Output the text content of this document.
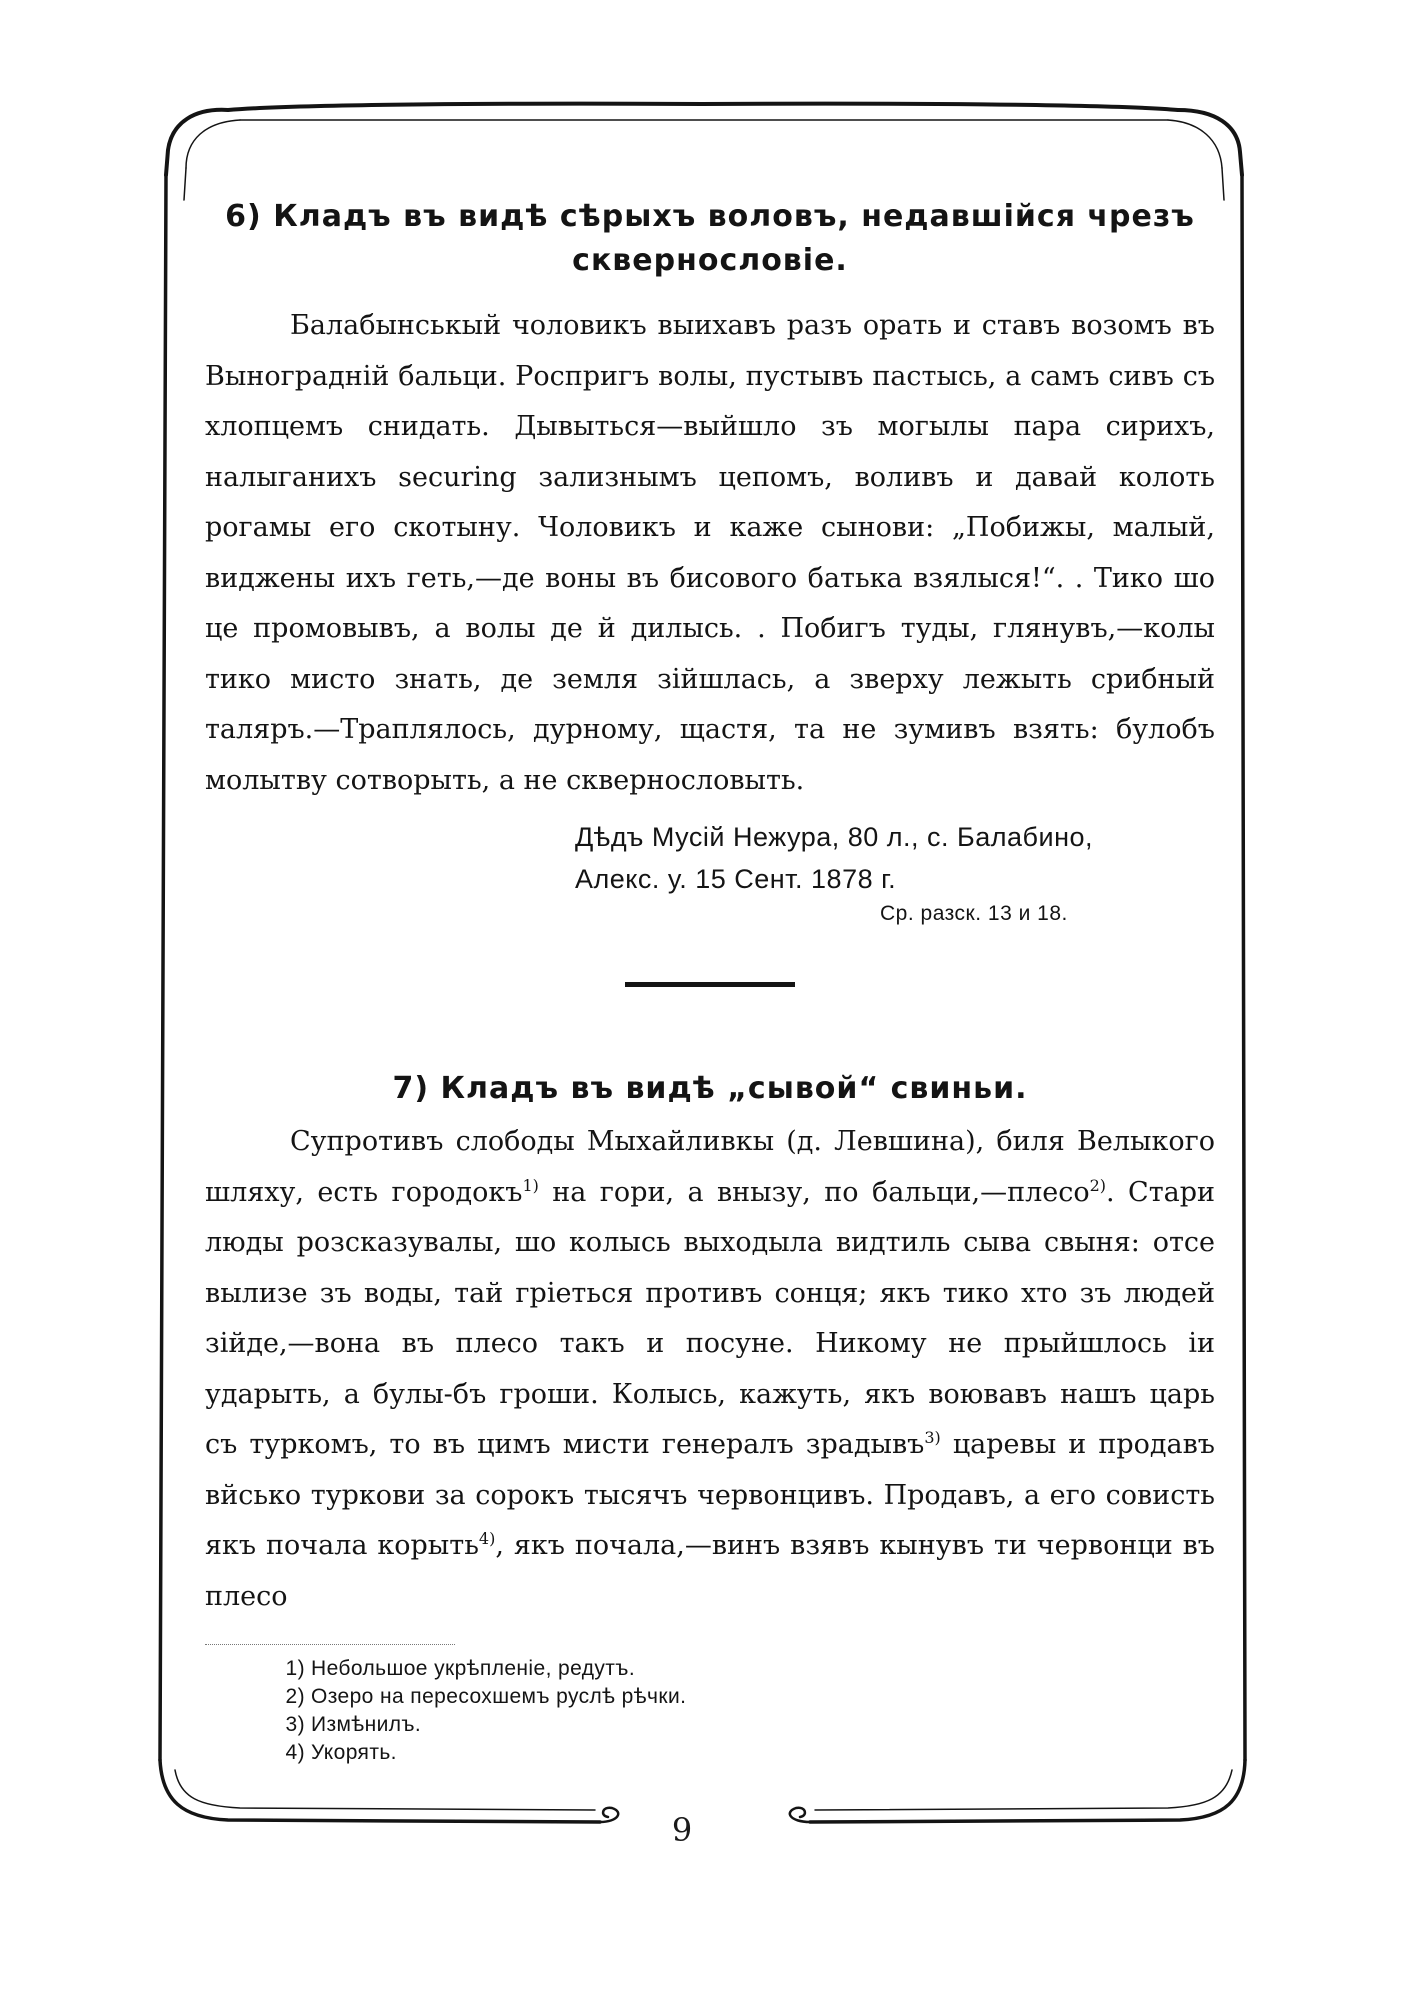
6) Кладъ въ видѣ сѣрыхъ воловъ, недавшійся чрезъ сквернословіе.

Балабынськый чоловикъ выихавъ разъ орать и ставъ возомъ въ Выноградній бальци. Роспригъ волы, пустывъ пастысь, а самъ сивъ съ хлопцемъ снидать. Дывыться—выйшло зъ могылы пара сирихъ, налыганихъ securing зализнымъ цепомъ, воливъ и давай колоть рогамы его скотыну. Чоловикъ и каже сынови: „Побижы, малый, виджены ихъ геть,—де воны въ бисового батька взялыся!“. . Тико шо це промовывъ, а волы де й дилысь. . Побигъ туды, глянувъ,—колы тико мисто знать, де земля зійшлась, а зверху лежыть срибный таляръ.—Траплялось, дурному, щастя, та не зумивъ взять: булобъ молытву сотворыть, а не сквернословыть.

Дѣдъ Мусій Нежура, 80 л., с. Балабино,
Алекс. у. 15 Сент. 1878 г.
Ср. разск. 13 и 18.

7) Кладъ въ видѣ „сывой“ свиньи.

Супротивъ слободы Мыхайливкы (д. Левшина), биля Велыкого шляху, есть городокъ$^{1)}$ на гори, а внызу, по бальци,—плесо$^{2)}$. Стари люды розсказувалы, шо колысь выходыла видтиль сыва свыня: отсе вылизе зъ воды, тай гріеться противъ сонця; якъ тико хто зъ людей зійде,—вона въ плесо такъ и посуне. Никому не прыйшлось іи ударыть, а булы-бъ гроши. Колысь, кажуть, якъ воювавъ нашъ царь съ туркомъ, то въ цимъ мисти генералъ зрадывъ$^{3)}$ царевы и продавъ вйсько туркови за сорокъ тысячъ червонцивъ. Продавъ, а его совисть якъ почала корыть$^{4)}$, якъ почала,—винъ взявъ кынувъ ти червонци въ плесо

1) Небольшое укрѣпленіе, редутъ.
2) Озеро на пересохшемъ руслѣ рѣчки.
3) Измѣнилъ.
4) Укорять.
9
